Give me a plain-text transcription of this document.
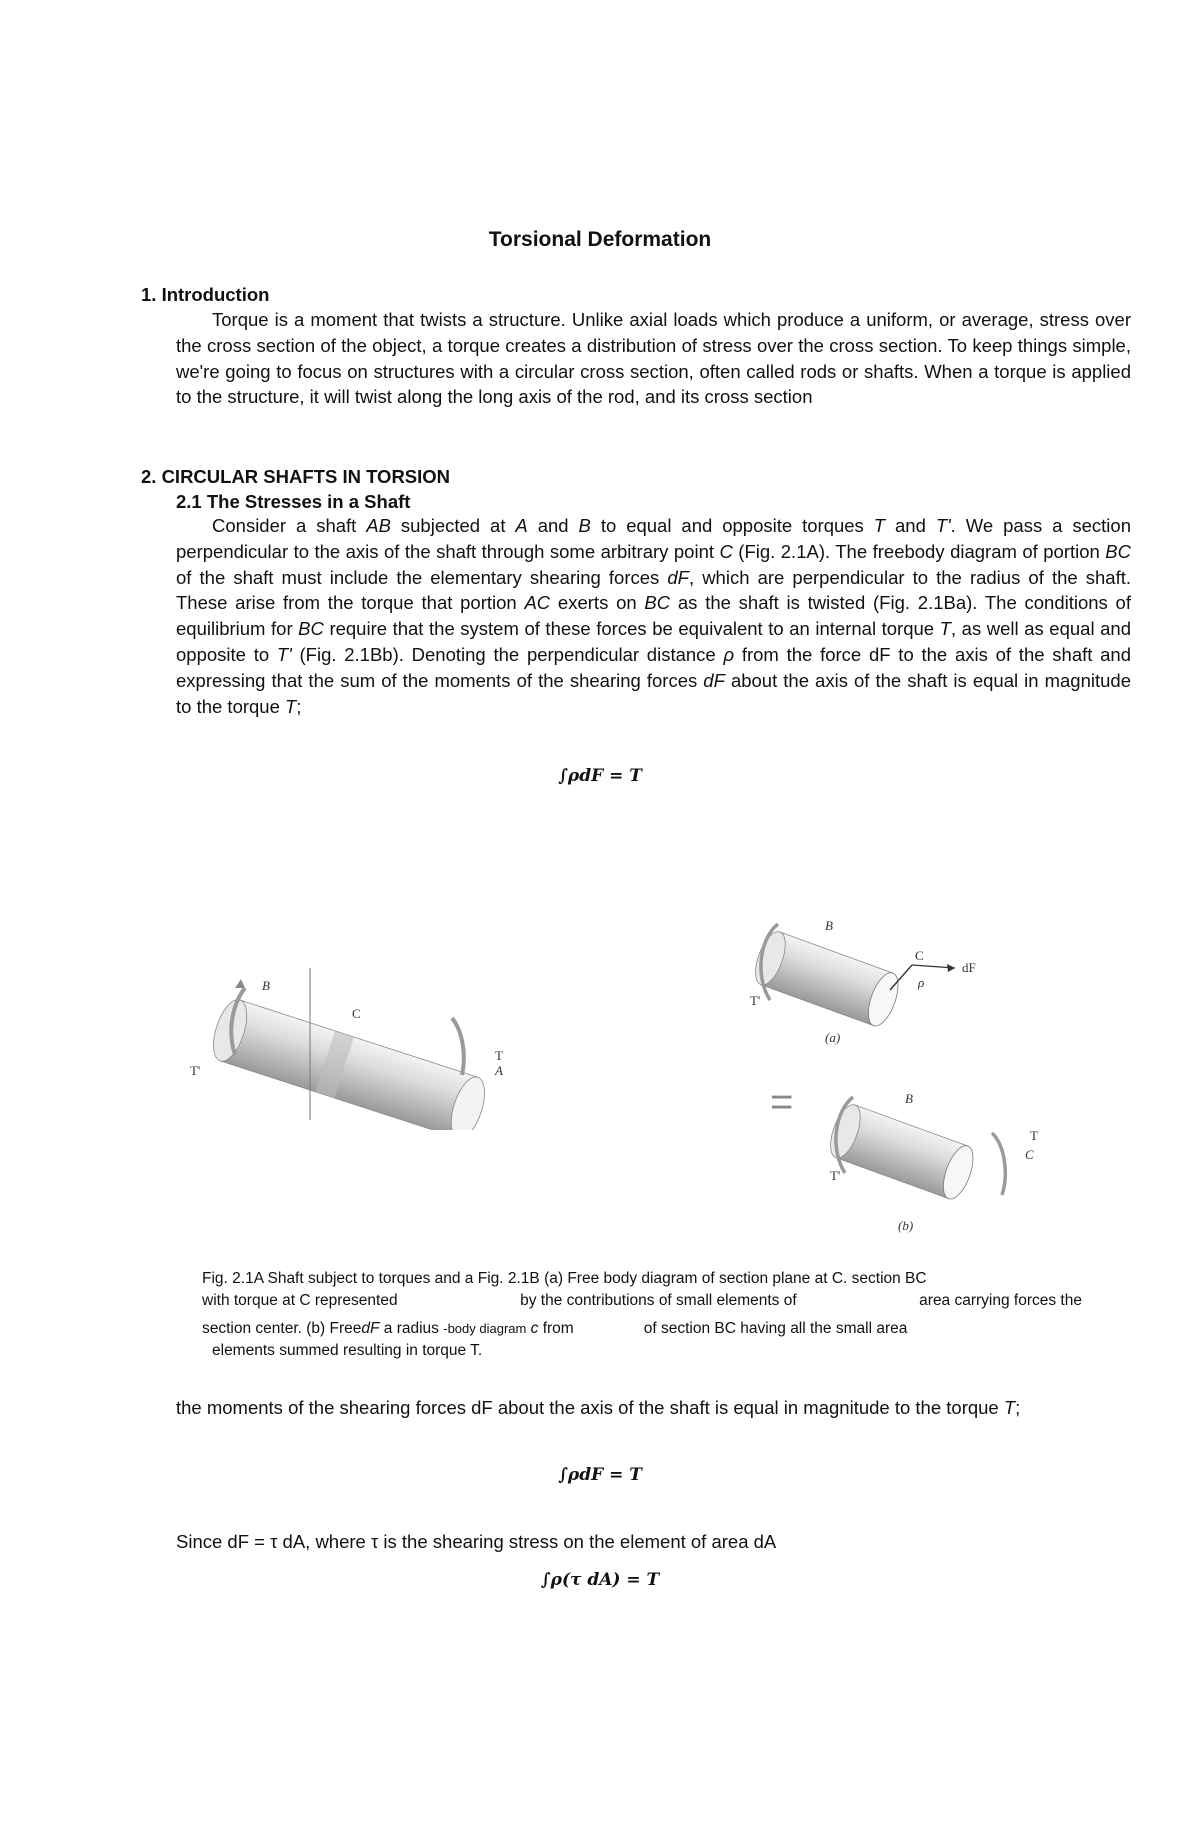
Torsional Deformation
1. Introduction
Torque is a moment that twists a structure. Unlike axial loads which produce a uniform, or average, stress over the cross section of the object, a torque creates a distribution of stress over the cross section. To keep things simple, we're going to focus on structures with a circular cross section, often called rods or shafts. When a torque is applied to the structure, it will twist along the long axis of the rod, and its cross section
2. CIRCULAR SHAFTS IN TORSION
2.1 The Stresses in a Shaft
Consider a shaft AB subjected at A and B to equal and opposite torques T and T'. We pass a section perpendicular to the axis of the shaft through some arbitrary point C (Fig. 2.1A). The freebody diagram of portion BC of the shaft must include the elementary shearing forces dF, which are perpendicular to the radius of the shaft. These arise from the torque that portion AC exerts on BC as the shaft is twisted (Fig. 2.1Ba). The conditions of equilibrium for BC require that the system of these forces be equivalent to an internal torque T, as well as equal and opposite to T' (Fig. 2.1Bb). Denoting the perpendicular distance ρ from the force dF to the axis of the shaft and expressing that the sum of the moments of the shearing forces dF about the axis of the shaft is equal in magnitude to the torque T;
∫ρdF = T
B
C
T
A
T'
B
C
ρ
dF
T'
(a)
=	B
T
C
T'
(b)
Fig. 2.1A Shaft subject to torques and a Fig. 2.1B (a) Free body diagram of section plane at C. section BC
with torque at C represented	by the contributions of small elements of	area carrying forces the
section center. (b) FreedF a radius -body diagram c from	of section BC having all the small area
elements summed resulting in torque T.
the moments of the shearing forces dF about the axis of the shaft is equal in magnitude to the torque T;
∫ρdF = T
Since dF = τ dA, where τ is the shearing stress on the element of area dA
∫ρ(τ dA) = T
